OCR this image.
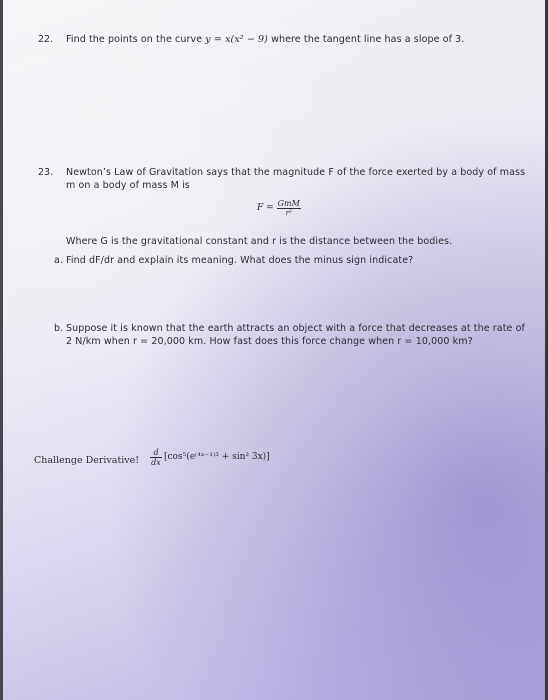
22. Find the points on the curve y = x(x² − 9) where the tangent line has a slope of 3.
23. Newton’s Law of Gravitation says that the magnitude F of the force exerted by a body of mass
m on a body of mass M is
F = GmM
r²
Where G is the gravitational constant and r is the distance between the bodies.
a. Find dF/dr and explain its meaning. What does the minus sign indicate?
b. Suppose it is known that the earth attracts an object with a force that decreases at the rate of
2 N/km when r = 20,000 km. How fast does this force change when r = 10,000 km?
Challenge Derivative!
d
dx [cos⁵(e⁽⁴ˣ⁻¹⁾³ + sin² 3x)]
